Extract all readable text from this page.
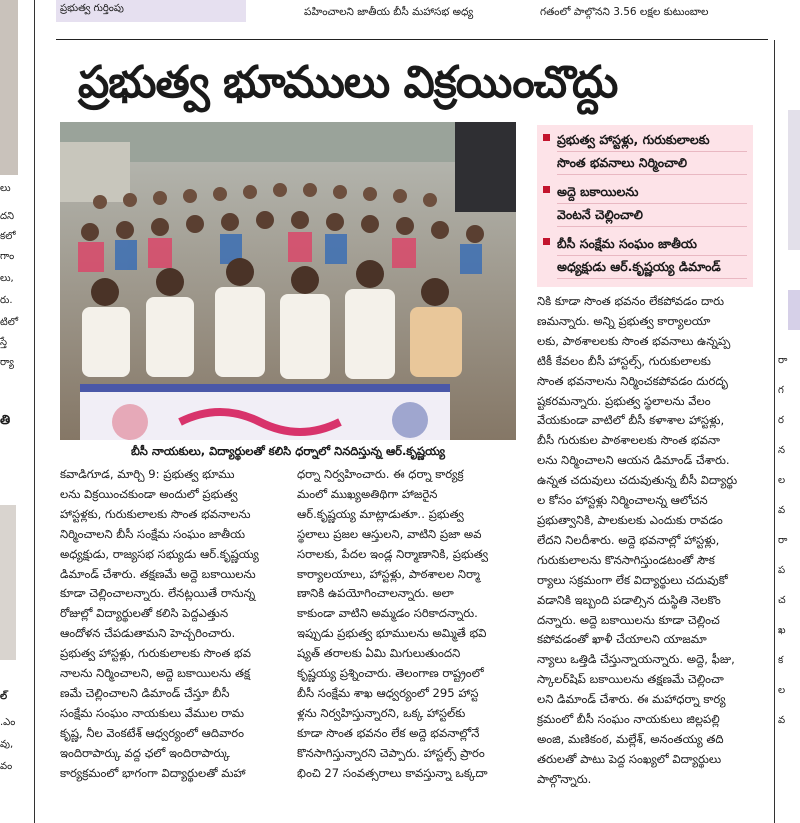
లు
దని
కలో
గాం
లు,
రు.
టిలో
స్తే
ర్యా
తి
ల్
.ఎం
వు,
వం
రా
గ
ర
న
ల
వ
రా
ప
చ
ఖ
క
ల
వ
ప్రభుత్వ గుర్తింపు	పహించాలని జాతీయ బీసీ మహాసభ అధ్య	గతంలో పాల్గొనని 3.56 లక్షల కుటుంబాల
ప్రభుత్వ భూములు విక్రయించొద్దు
బీసీ నాయకులు, విద్యార్థులతో కలిసి ధర్నాలో నినదిస్తున్న ఆర్‌.కృష్ణయ్య
ప్రభుత్వ హాస్టళ్లు, గురుకులాలకు
సొంత భవనాలు నిర్మించాలి
అద్దె బకాయిలను
వెంటనే చెల్లించాలి
బీసీ సంక్షేమ సంఘం జాతీయ
అధ్యక్షుడు ఆర్‌.కృష్ణయ్య డిమాండ్

కవాడిగూడ, మార్చి 9: ప్రభుత్వ భూము

లను విక్రయించకుండా అందులో ప్రభుత్వ

హాస్టళ్లకు, గురుకులాలకు సొంత భవనాలను

నిర్మించాలని బీసీ సంక్షేమ సంఘం జాతీయ

అధ్యక్షుడు, రాజ్యసభ సభ్యుడు ఆర్‌.కృష్ణయ్య

డిమాండ్ చేశారు. తక్షణమే అద్దె బకాయిలను

కూడా చెల్లించాలన్నారు. లేనట్లయితే రానున్న

రోజుల్లో విద్యార్థులతో కలిసి పెద్దఎత్తున

ఆందోళన చేపడుతామని హెచ్చరించారు.

ప్రభుత్వ హాస్టళ్లు, గురుకులాలకు సొంత భవ

నాలను నిర్మించాలని, అద్దె బకాయిలను తక్ష

ణమే చెల్లించాలని డిమాండ్ చేస్తూ బీసీ

సంక్షేమ సంఘం నాయకులు వేముల రామ

కృష్ణ, నీల వెంకటేశ్ ఆధ్వర్యంలో ఆదివారం

ఇందిరాపార్కు వద్ద ఛలో ఇందిరాపార్కు

కార్యక్రమంలో భాగంగా విద్యార్థులతో మహా

ధర్నా నిర్వహించారు. ఈ ధర్నా కార్యక్ర

మంలో ముఖ్యఅతిథిగా హాజరైన

ఆర్‌.కృష్ణయ్య మాట్లాడుతూ.. ప్రభుత్వ

స్థలాలు ప్రజల ఆస్తులని, వాటిని ప్రజా అవ

సరాలకు, పేదల ఇండ్ల నిర్మాణానికి, ప్రభుత్వ

కార్యాలయాలు, హాస్టళ్లు, పాఠశాలల నిర్మా

ణానికి ఉపయోగించాలన్నారు. అలా

కాకుండా వాటిని అమ్మడం సరికాదన్నారు.

ఇప్పుడు ప్రభుత్వ భూములను అమ్మితే భవి

ష్యత్ తరాలకు ఏమి మిగులుతుందని

కృష్ణయ్య ప్రశ్నించారు. తెలంగాణ రాష్ట్రంలో

బీసీ సంక్షేమ శాఖ ఆధ్వర్యంలో 295 హాస్ట

ళ్లను నిర్వహిస్తున్నారని, ఒక్క హాస్టల్‌కు

కూడా సొంత భవనం లేక అద్దె భవనాల్లోనే

కొనసాగిస్తున్నారని చెప్పారు. హాస్టల్స్ ప్రారం

భించి 27 సంవత్సరాలు కావస్తున్నా ఒక్కదా

నికి కూడా సొంత భవనం లేకపోవడం దారు

ణమన్నారు. అన్ని ప్రభుత్వ కార్యాలయా

లకు, పాఠశాలలకు సొంత భవనాలు ఉన్నప్ప

టికీ కేవలం బీసీ హాస్టల్స్, గురుకులాలకు

సొంత భవనాలను నిర్మించకపోవడం దురదృ

ష్టకరమన్నారు. ప్రభుత్వ స్థలాలను వేలం

వేయకుండా వాటిలో బీసీ కళాశాల హాస్టళ్లు,

బీసీ గురుకుల పాఠశాలలకు సొంత భవనా

లను నిర్మించాలని ఆయన డిమాండ్ చేశారు.

ఉన్నత చదువులు చదువుతున్న బీసీ విద్యార్థు

ల కోసం హాస్టళ్లు నిర్మించాలన్న ఆలోచన

ప్రభుత్వానికి, పాలకులకు ఎందుకు రావడం

లేదని నిలదీశారు. అద్దె భవనాల్లో హాస్టళ్లు,

గురుకులాలను కొనసాగిస్తుండటంతో సౌక

ర్యాలు సక్రమంగా లేక విద్యార్థులు చదువుకో

వడానికి ఇబ్బంది పడాల్సిన దుస్థితి నెలకొం

దన్నారు. అద్దె బకాయిలను కూడా చెల్లించ

కపోవడంతో ఖాళీ చేయాలని యాజమా

న్యాలు ఒత్తిడి చేస్తున్నాయన్నారు. అద్దె, ఫీజు,

స్కాలర్‌షిప్ బకాయిలను తక్షణమే చెల్లించా

లని డిమాండ్ చేశారు. ఈ మహాధర్నా కార్య

క్రమంలో బీసీ సంఘం నాయకులు జిల్లపల్లి

అంజి, మణికంఠ, మల్లేశ్, అనంతయ్య తది

తరులతో పాటు పెద్ద సంఖ్యలో విద్యార్థులు

పాల్గొన్నారు.
